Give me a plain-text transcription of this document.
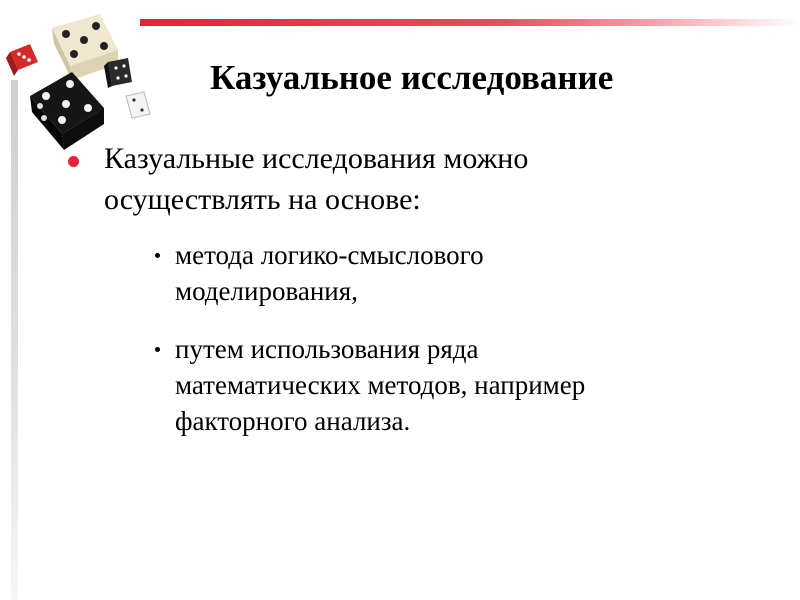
Казуальное исследование
Казуальные исследования можно
осуществлять на основе:
метода логико-смыслового
моделирования,
путем использования ряда
математических методов, например
факторного анализа.
